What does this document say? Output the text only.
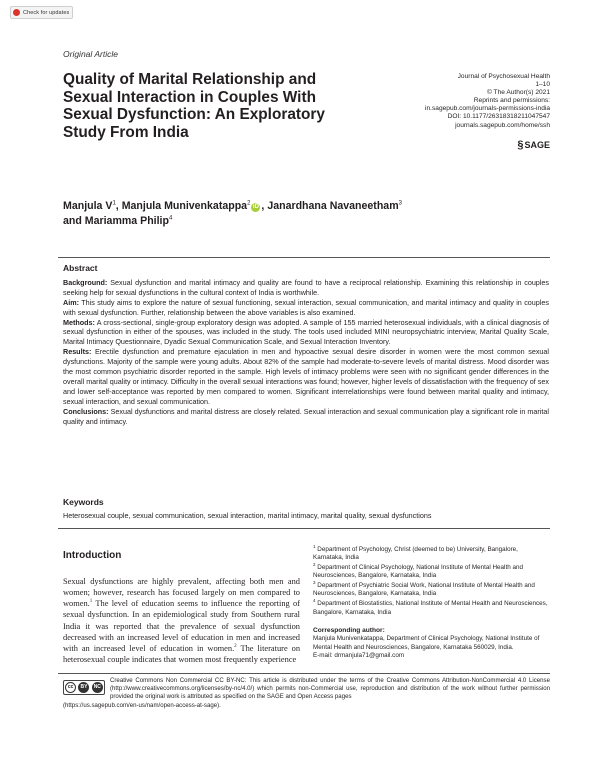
Check for updates
Original Article
Quality of Marital Relationship and Sexual Interaction in Couples With Sexual Dysfunction: An Exploratory Study From India
Journal of Psychosexual Health
1–10
© The Author(s) 2021
Reprints and permissions:
in.sagepub.com/journals-permissions-india
DOI: 10.1177/26318318211047547
journals.sagepub.com/home/ssh
§ SAGE
Manjula $V^1$, Manjula Munivenkatappa$^2$iD , Janardhana Navaneetham$^3$
and Mariamma Philip$^4$
Abstract

Background: Sexual dysfunction and marital intimacy and quality are found to have a reciprocal relationship. Examining this relationship in couples seeking help for sexual dysfunctions in the cultural context of India is worthwhile.

Aim: This study aims to explore the nature of sexual functioning, sexual interaction, sexual communication, and marital intimacy and quality in couples with sexual dysfunction. Further, relationship between the above variables is also examined.

Methods: A cross-sectional, single-group exploratory design was adopted. A sample of 155 married heterosexual individuals, with a clinical diagnosis of sexual dysfunction in either of the spouses, was included in the study. The tools used included MINI neuropsychiatric interview, Marital Quality Scale, Marital Intimacy Questionnaire, Dyadic Sexual Communication Scale, and Sexual Interaction Inventory.

Results: Erectile dysfunction and premature ejaculation in men and hypoactive sexual desire disorder in women were the most common sexual dysfunctions. Majority of the sample were young adults. About 82% of the sample had moderate-to-severe levels of marital distress. Mood disorder was the most common psychiatric disorder reported in the sample. High levels of intimacy problems were seen with no significant gender differences in the overall marital quality or intimacy. Difficulty in the overall sexual interactions was found; however, higher levels of dissatisfaction with the frequency of sex and lower self-acceptance was reported by men compared to women. Significant interrelationships were found between marital quality and intimacy, sexual interaction, and sexual communication.

Conclusions: Sexual dysfunctions and marital distress are closely related. Sexual interaction and sexual communication play a significant role in marital quality and intimacy.

Keywords
Heterosexual couple, sexual communication, sexual interaction, marital intimacy, marital quality, sexual dysfunctions
Introduction

Sexual dysfunctions are highly prevalent, affecting both men and women; however, research has focused largely on men compared to women.$^1$ The level of education seems to influence the reporting of sexual dysfunction. In an epidemiological study from Southern rural India it was reported that the prevalence of sexual dysfunction decreased with an increased level of education in men and increased with an increased level of education in women.$^2$ The literature on heterosexual couple indicates that women most frequently experience

$^1$ Department of Psychology, Christ (deemed to be) University, Bangalore, Karnataka, India

$^2$ Department of Clinical Psychology, National Institute of Mental Health and Neurosciences, Bangalore, Karnataka, India

$^3$ Department of Psychiatric Social Work, National Institute of Mental Health and Neurosciences, Bangalore, Karnataka, India

$^4$ Department of Biostatistics, National Institute of Mental Health and Neurosciences, Bangalore, Karnataka, India

Corresponding author:

Manjula Munivenkatappa, Department of Clinical Psychology, National Institute of Mental Health and Neurosciences, Bangalore, Karnataka 560029, India.

E-mail: drmanjula71@gmail.com

cc	BY	NC

Creative Commons Non Commercial CC BY-NC: This article is distributed under the terms of the Creative Commons Attribution-NonCommercial 4.0 License (http://www.creativecommons.org/licenses/by-nc/4.0/) which permits non-Commercial use, reproduction and distribution of the work without further permission provided the original work is attributed as specified on the SAGE and Open Access pages

(https://us.sagepub.com/en-us/nam/open-access-at-sage).
